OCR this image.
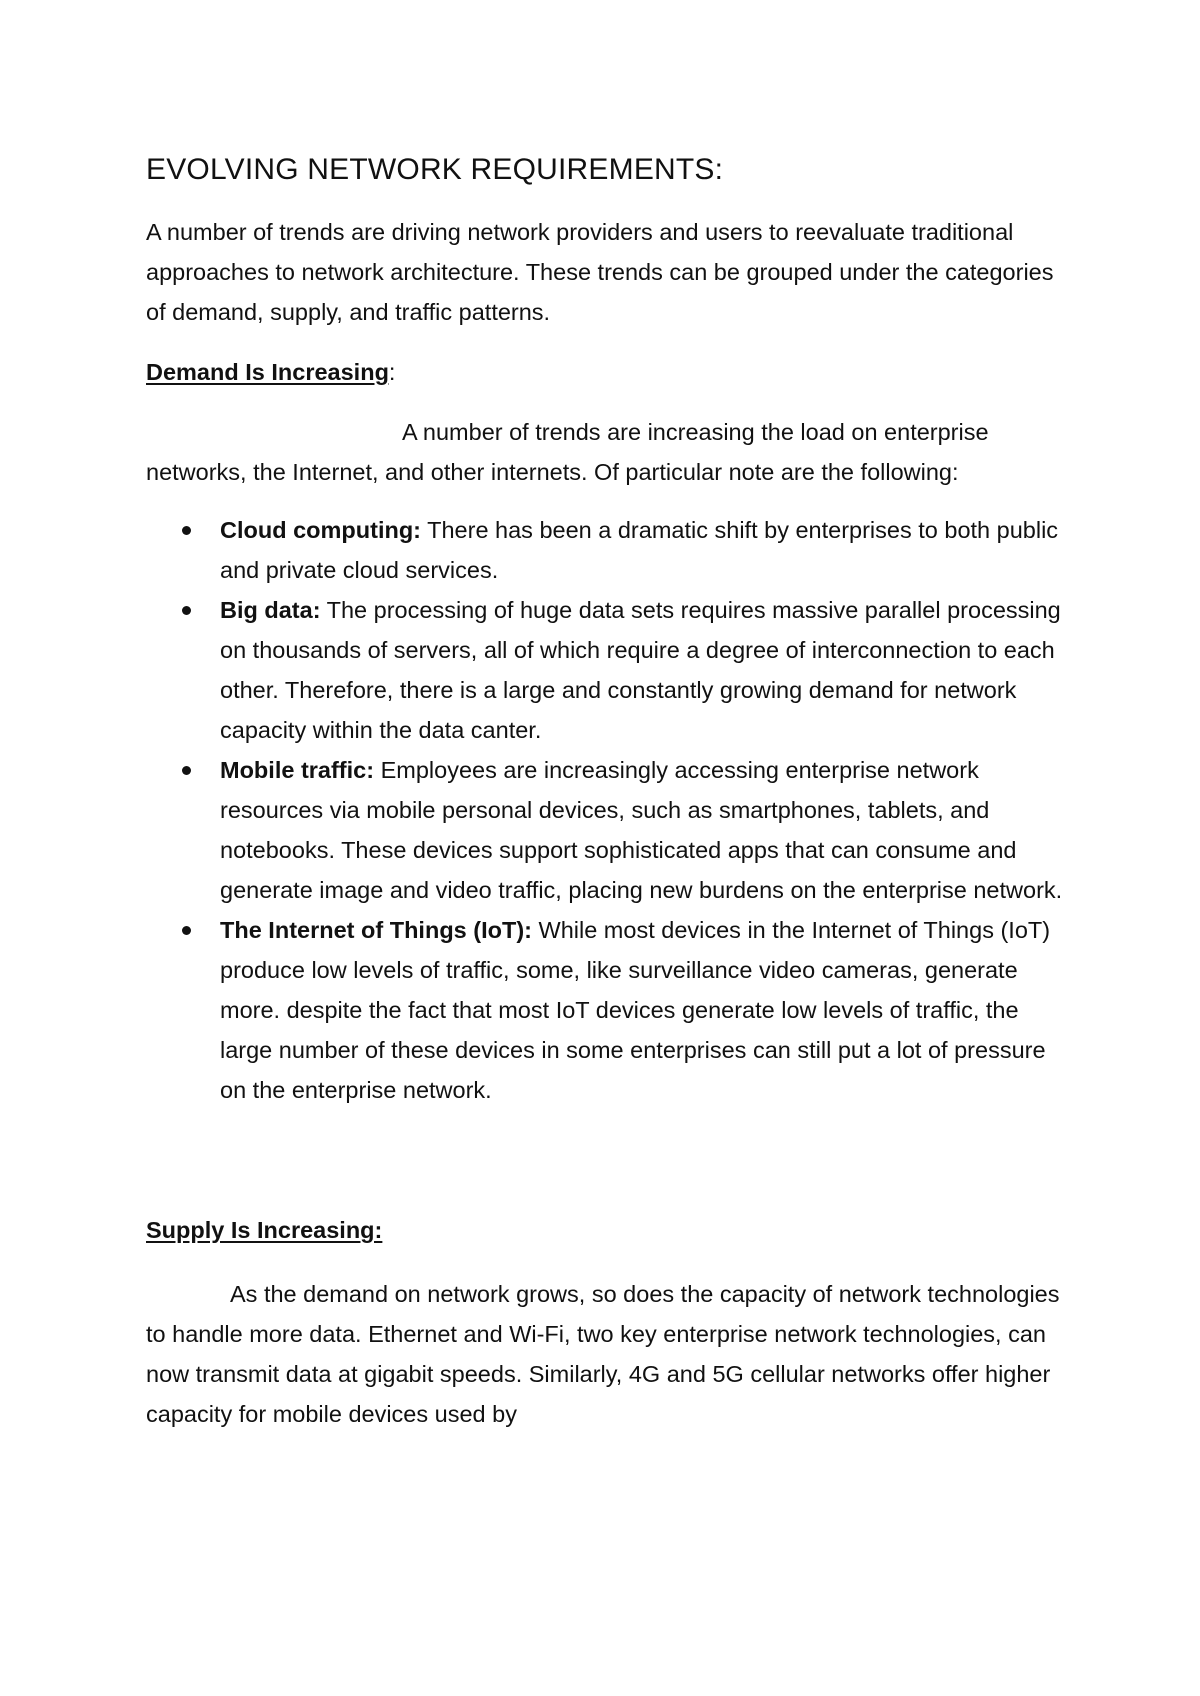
EVOLVING NETWORK REQUIREMENTS:

A number of trends are driving network providers and users to reevaluate traditional approaches to network architecture. These trends can be grouped under the categories of demand, supply, and traffic patterns.

Demand Is Increasing:

A number of trends are increasing the load on enterprise networks, the Internet, and other internets. Of particular note are the following:

Cloud computing: There has been a dramatic shift by enterprises to both public and private cloud services.
Big data: The processing of huge data sets requires massive parallel processing on thousands of servers, all of which require a degree of interconnection to each other. Therefore, there is a large and constantly growing demand for network capacity within the data canter.
Mobile traffic: Employees are increasingly accessing enterprise network resources via mobile personal devices, such as smartphones, tablets, and notebooks. These devices support sophisticated apps that can consume and generate image and video traffic, placing new burdens on the enterprise network.
The Internet of Things (IoT): While most devices in the Internet of Things (IoT) produce low levels of traffic, some, like surveillance video cameras, generate more. despite the fact that most IoT devices generate low levels of traffic, the large number of these devices in some enterprises can still put a lot of pressure on the enterprise network.

Supply Is Increasing:

As the demand on network grows, so does the capacity of network technologies to handle more data. Ethernet and Wi-Fi, two key enterprise network technologies, can now transmit data at gigabit speeds. Similarly, 4G and 5G cellular networks offer higher capacity for mobile devices used by
